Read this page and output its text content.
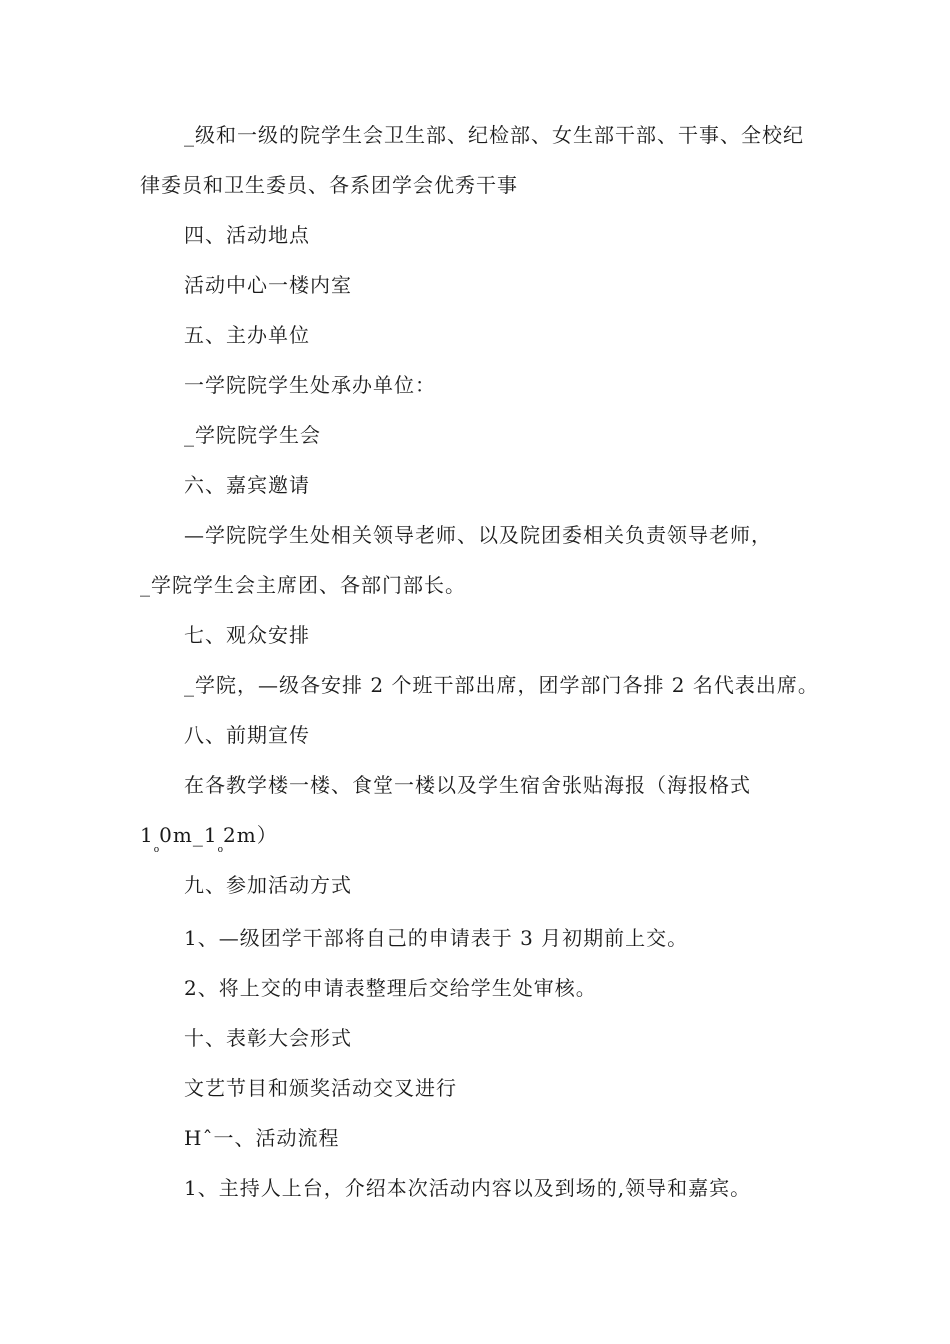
_级和一级的院学生会卫生部、纪检部、女生部干部、干事、全校纪
律委员和卫生委员、各系团学会优秀干事
四、活动地点
活动中心一楼内室
五、主办单位
一学院院学生处承办单位：
_学院院学生会
六、嘉宾邀请
—学院院学生处相关领导老师、以及院团委相关负责领导老师，
_学院学生会主席团、各部门部长。
七、观众安排
_学院，—级各安排 2 个班干部出席，团学部门各排 2 名代表出席。
八、前期宣传
在各教学楼一楼、食堂一楼以及学生宿舍张贴海报（海报格式
$1_o0m\_1_o2m$）
九、参加活动方式
1、—级团学干部将自己的申请表于 3 月初期前上交。
2、将上交的申请表整理后交给学生处审核。
十、表彰大会形式
文艺节目和颁奖活动交叉进行
Hˆ一、活动流程
1、主持人上台，介绍本次活动内容以及到场的,领导和嘉宾。
